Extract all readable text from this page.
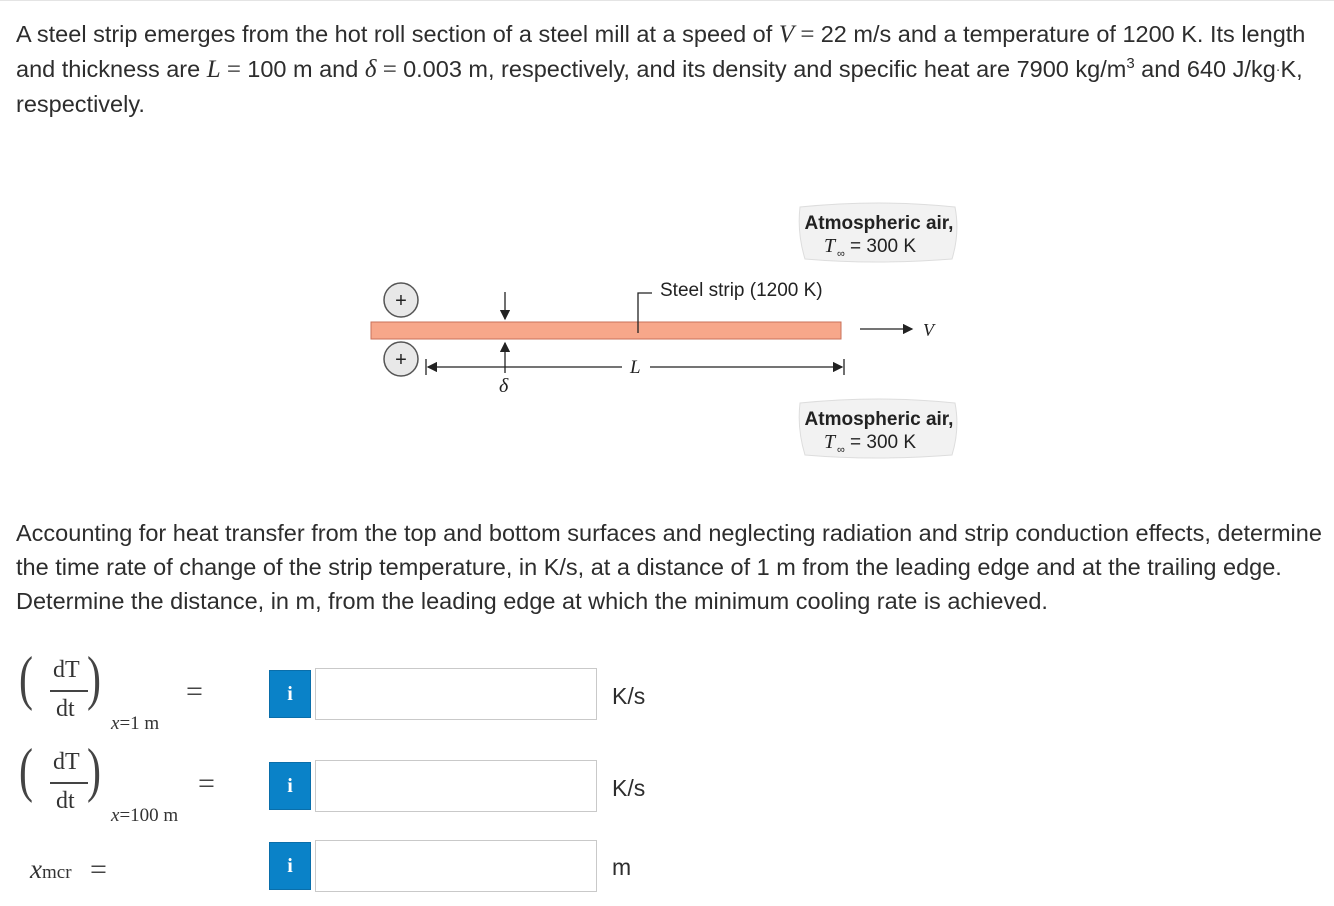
A steel strip emerges from the hot roll section of a steel mill at a speed of V = 22 m/s and a temperature of 1200 K. Its length and thickness are L = 100 m and δ = 0.003 m, respectively, and its density and specific heat are 7900 $kg/m^3$ and 640 J/kg·K, respectively.
Atmospheric air,
T ∞ = 300 K
+
+
δ
Steel strip (1200 K)
V
L
Atmospheric air,
T ∞ = 300 K
Accounting for heat transfer from the top and bottom surfaces and neglecting radiation and strip conduction effects, determine the time rate of change of the strip temperature, in K/s, at a distance of 1 m from the leading edge and at the trailing edge. Determine the distance, in m, from the leading edge at which the minimum cooling rate is achieved.
( dT
dt )
x=1 m
=	i	K/s
( dT
dt )
x=100 m
=	i	K/s
xmcr =	i	m
